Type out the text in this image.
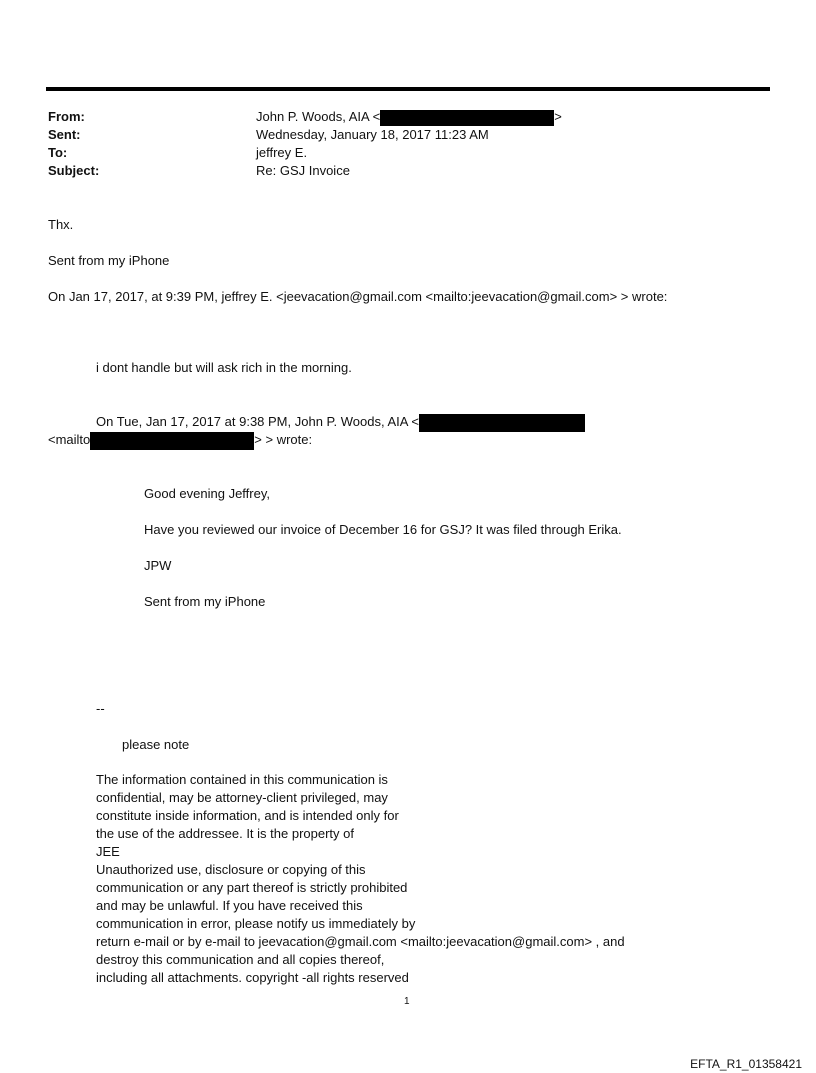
From:	John P. Woods, AIA <	>
Sent:	Wednesday, January 18, 2017 11:23 AM
To:	jeffrey E.
Subject:	Re: GSJ Invoice
Thx.
Sent from my iPhone
On Jan 17, 2017, at 9:39 PM, jeffrey E. <jeevacation@gmail.com <mailto:jeevacation@gmail.com> > wrote:
i dont handle but will ask rich in the morning.
On Tue, Jan 17, 2017 at 9:38 PM, John P. Woods, AIA <
<mailto	> > wrote:
Good evening Jeffrey,
Have you reviewed our invoice of December 16 for GSJ? It was filed through Erika.
JPW
Sent from my iPhone
--
please note
The information contained in this communication is
confidential, may be attorney-client privileged, may
constitute inside information, and is intended only for
the use of the addressee. It is the property of
JEE
Unauthorized use, disclosure or copying of this
communication or any part thereof is strictly prohibited
and may be unlawful. If you have received this
communication in error, please notify us immediately by
return e-mail or by e-mail to jeevacation@gmail.com <mailto:jeevacation@gmail.com> , and
destroy this communication and all copies thereof,
including all attachments. copyright -all rights reserved
1
EFTA_R1_01358421
